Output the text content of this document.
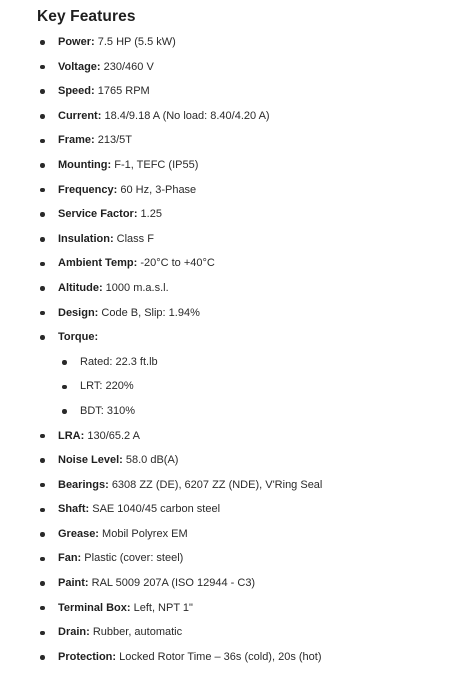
Key Features
Power: 7.5 HP (5.5 kW)
Voltage: 230/460 V
Speed: 1765 RPM
Current: 18.4/9.18 A (No load: 8.40/4.20 A)
Frame: 213/5T
Mounting: F-1, TEFC (IP55)
Frequency: 60 Hz, 3-Phase
Service Factor: 1.25
Insulation: Class F
Ambient Temp: -20°C to +40°C
Altitude: 1000 m.a.s.l.
Design: Code B, Slip: 1.94%
Torque:
Rated: 22.3 ft.lb
LRT: 220%
BDT: 310%
LRA: 130/65.2 A
Noise Level: 58.0 dB(A)
Bearings: 6308 ZZ (DE), 6207 ZZ (NDE), V'Ring Seal
Shaft: SAE 1040/45 carbon steel
Grease: Mobil Polyrex EM
Fan: Plastic (cover: steel)
Paint: RAL 5009 207A (ISO 12944 - C3)
Terminal Box: Left, NPT 1"
Drain: Rubber, automatic
Protection: Locked Rotor Time – 36s (cold), 20s (hot)
